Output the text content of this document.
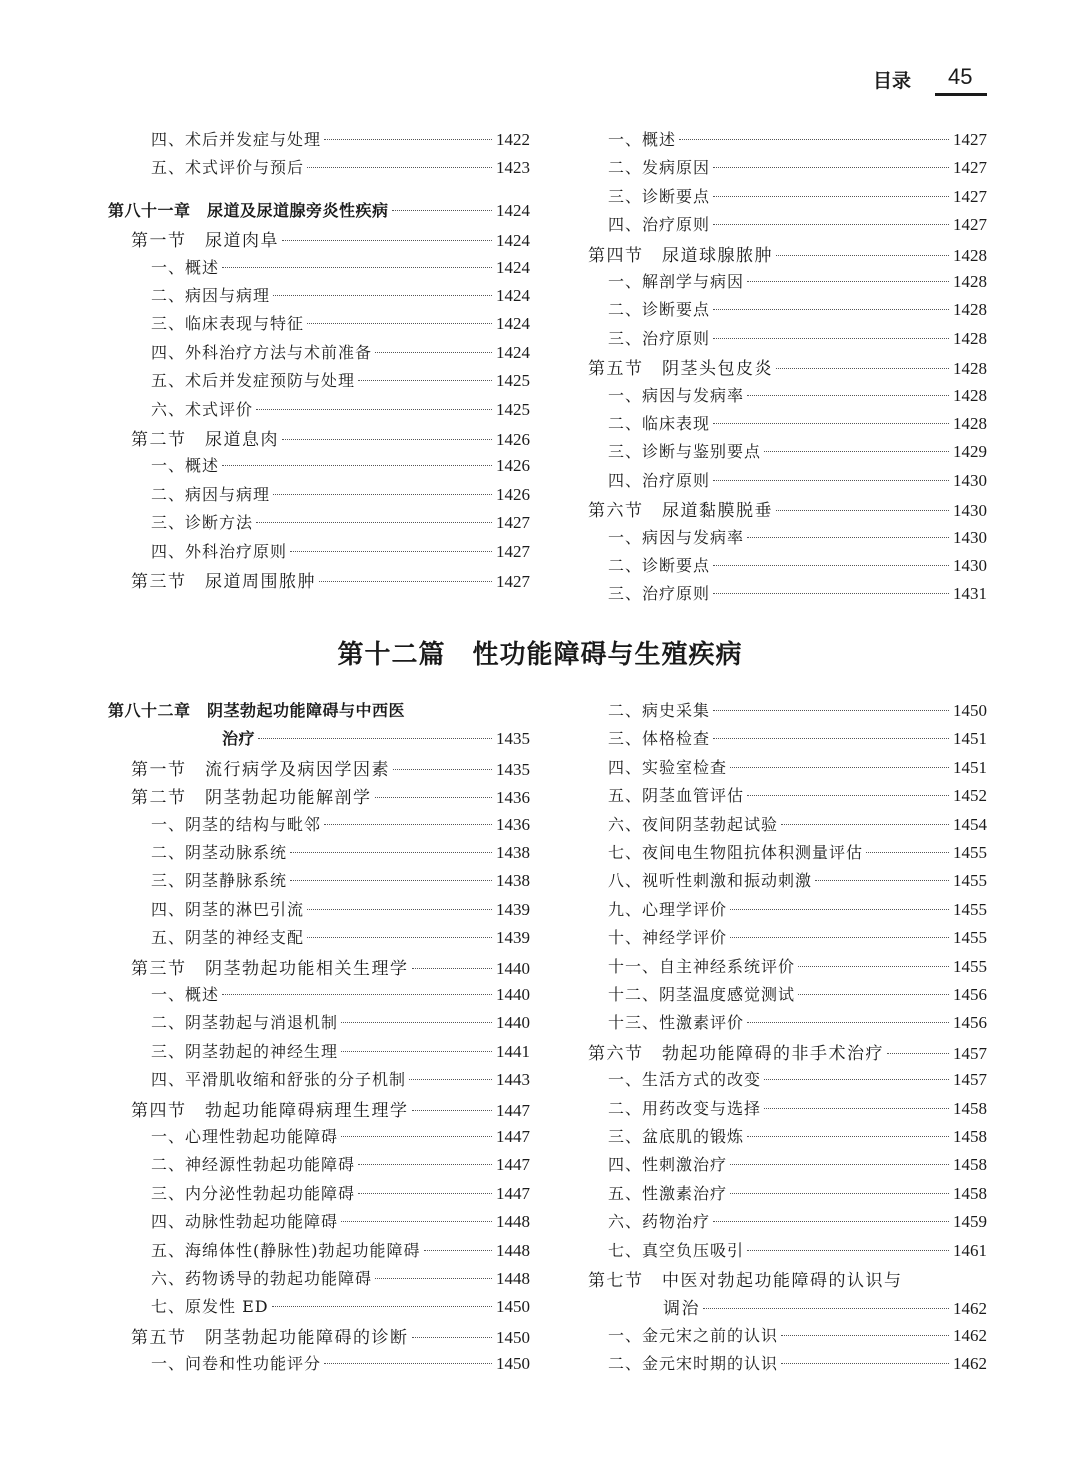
目录 45
第十二篇　性功能障碍与生殖疾病
四、术后并发症与处理	1422
五、术式评价与预后	1423
第八十一章　尿道及尿道腺旁炎性疾病	1424
第一节　尿道肉阜	1424
一、概述	1424
二、病因与病理	1424
三、临床表现与特征	1424
四、外科治疗方法与术前准备	1424
五、术后并发症预防与处理	1425
六、术式评价	1425
第二节　尿道息肉	1426
一、概述	1426
二、病因与病理	1426
三、诊断方法	1427
四、外科治疗原则	1427
第三节　尿道周围脓肿	1427
一、概述	1427
二、发病原因	1427
三、诊断要点	1427
四、治疗原则	1427
第四节　尿道球腺脓肿	1428
一、解剖学与病因	1428
二、诊断要点	1428
三、治疗原则	1428
第五节　阴茎头包皮炎	1428
一、病因与发病率	1428
二、临床表现	1428
三、诊断与鉴别要点	1429
四、治疗原则	1430
第六节　尿道黏膜脱垂	1430
一、病因与发病率	1430
二、诊断要点	1430
三、治疗原则	1431
第八十二章　阴茎勃起功能障碍与中西医
治疗	1435
第一节　流行病学及病因学因素	1435
第二节　阴茎勃起功能解剖学	1436
一、阴茎的结构与毗邻	1436
二、阴茎动脉系统	1438
三、阴茎静脉系统	1438
四、阴茎的淋巴引流	1439
五、阴茎的神经支配	1439
第三节　阴茎勃起功能相关生理学	1440
一、概述	1440
二、阴茎勃起与消退机制	1440
三、阴茎勃起的神经生理	1441
四、平滑肌收缩和舒张的分子机制	1443
第四节　勃起功能障碍病理生理学	1447
一、心理性勃起功能障碍	1447
二、神经源性勃起功能障碍	1447
三、内分泌性勃起功能障碍	1447
四、动脉性勃起功能障碍	1448
五、海绵体性(静脉性)勃起功能障碍	1448
六、药物诱导的勃起功能障碍	1448
七、原发性 ED	1450
第五节　阴茎勃起功能障碍的诊断	1450
一、问卷和性功能评分	1450
二、病史采集	1450
三、体格检查	1451
四、实验室检查	1451
五、阴茎血管评估	1452
六、夜间阴茎勃起试验	1454
七、夜间电生物阻抗体积测量评估	1455
八、视听性刺激和振动刺激	1455
九、心理学评价	1455
十、神经学评价	1455
十一、自主神经系统评价	1455
十二、阴茎温度感觉测试	1456
十三、性激素评价	1456
第六节　勃起功能障碍的非手术治疗	1457
一、生活方式的改变	1457
二、用药改变与选择	1458
三、盆底肌的锻炼	1458
四、性刺激治疗	1458
五、性激素治疗	1458
六、药物治疗	1459
七、真空负压吸引	1461
第七节　中医对勃起功能障碍的认识与
调治	1462
一、金元宋之前的认识	1462
二、金元宋时期的认识	1462
